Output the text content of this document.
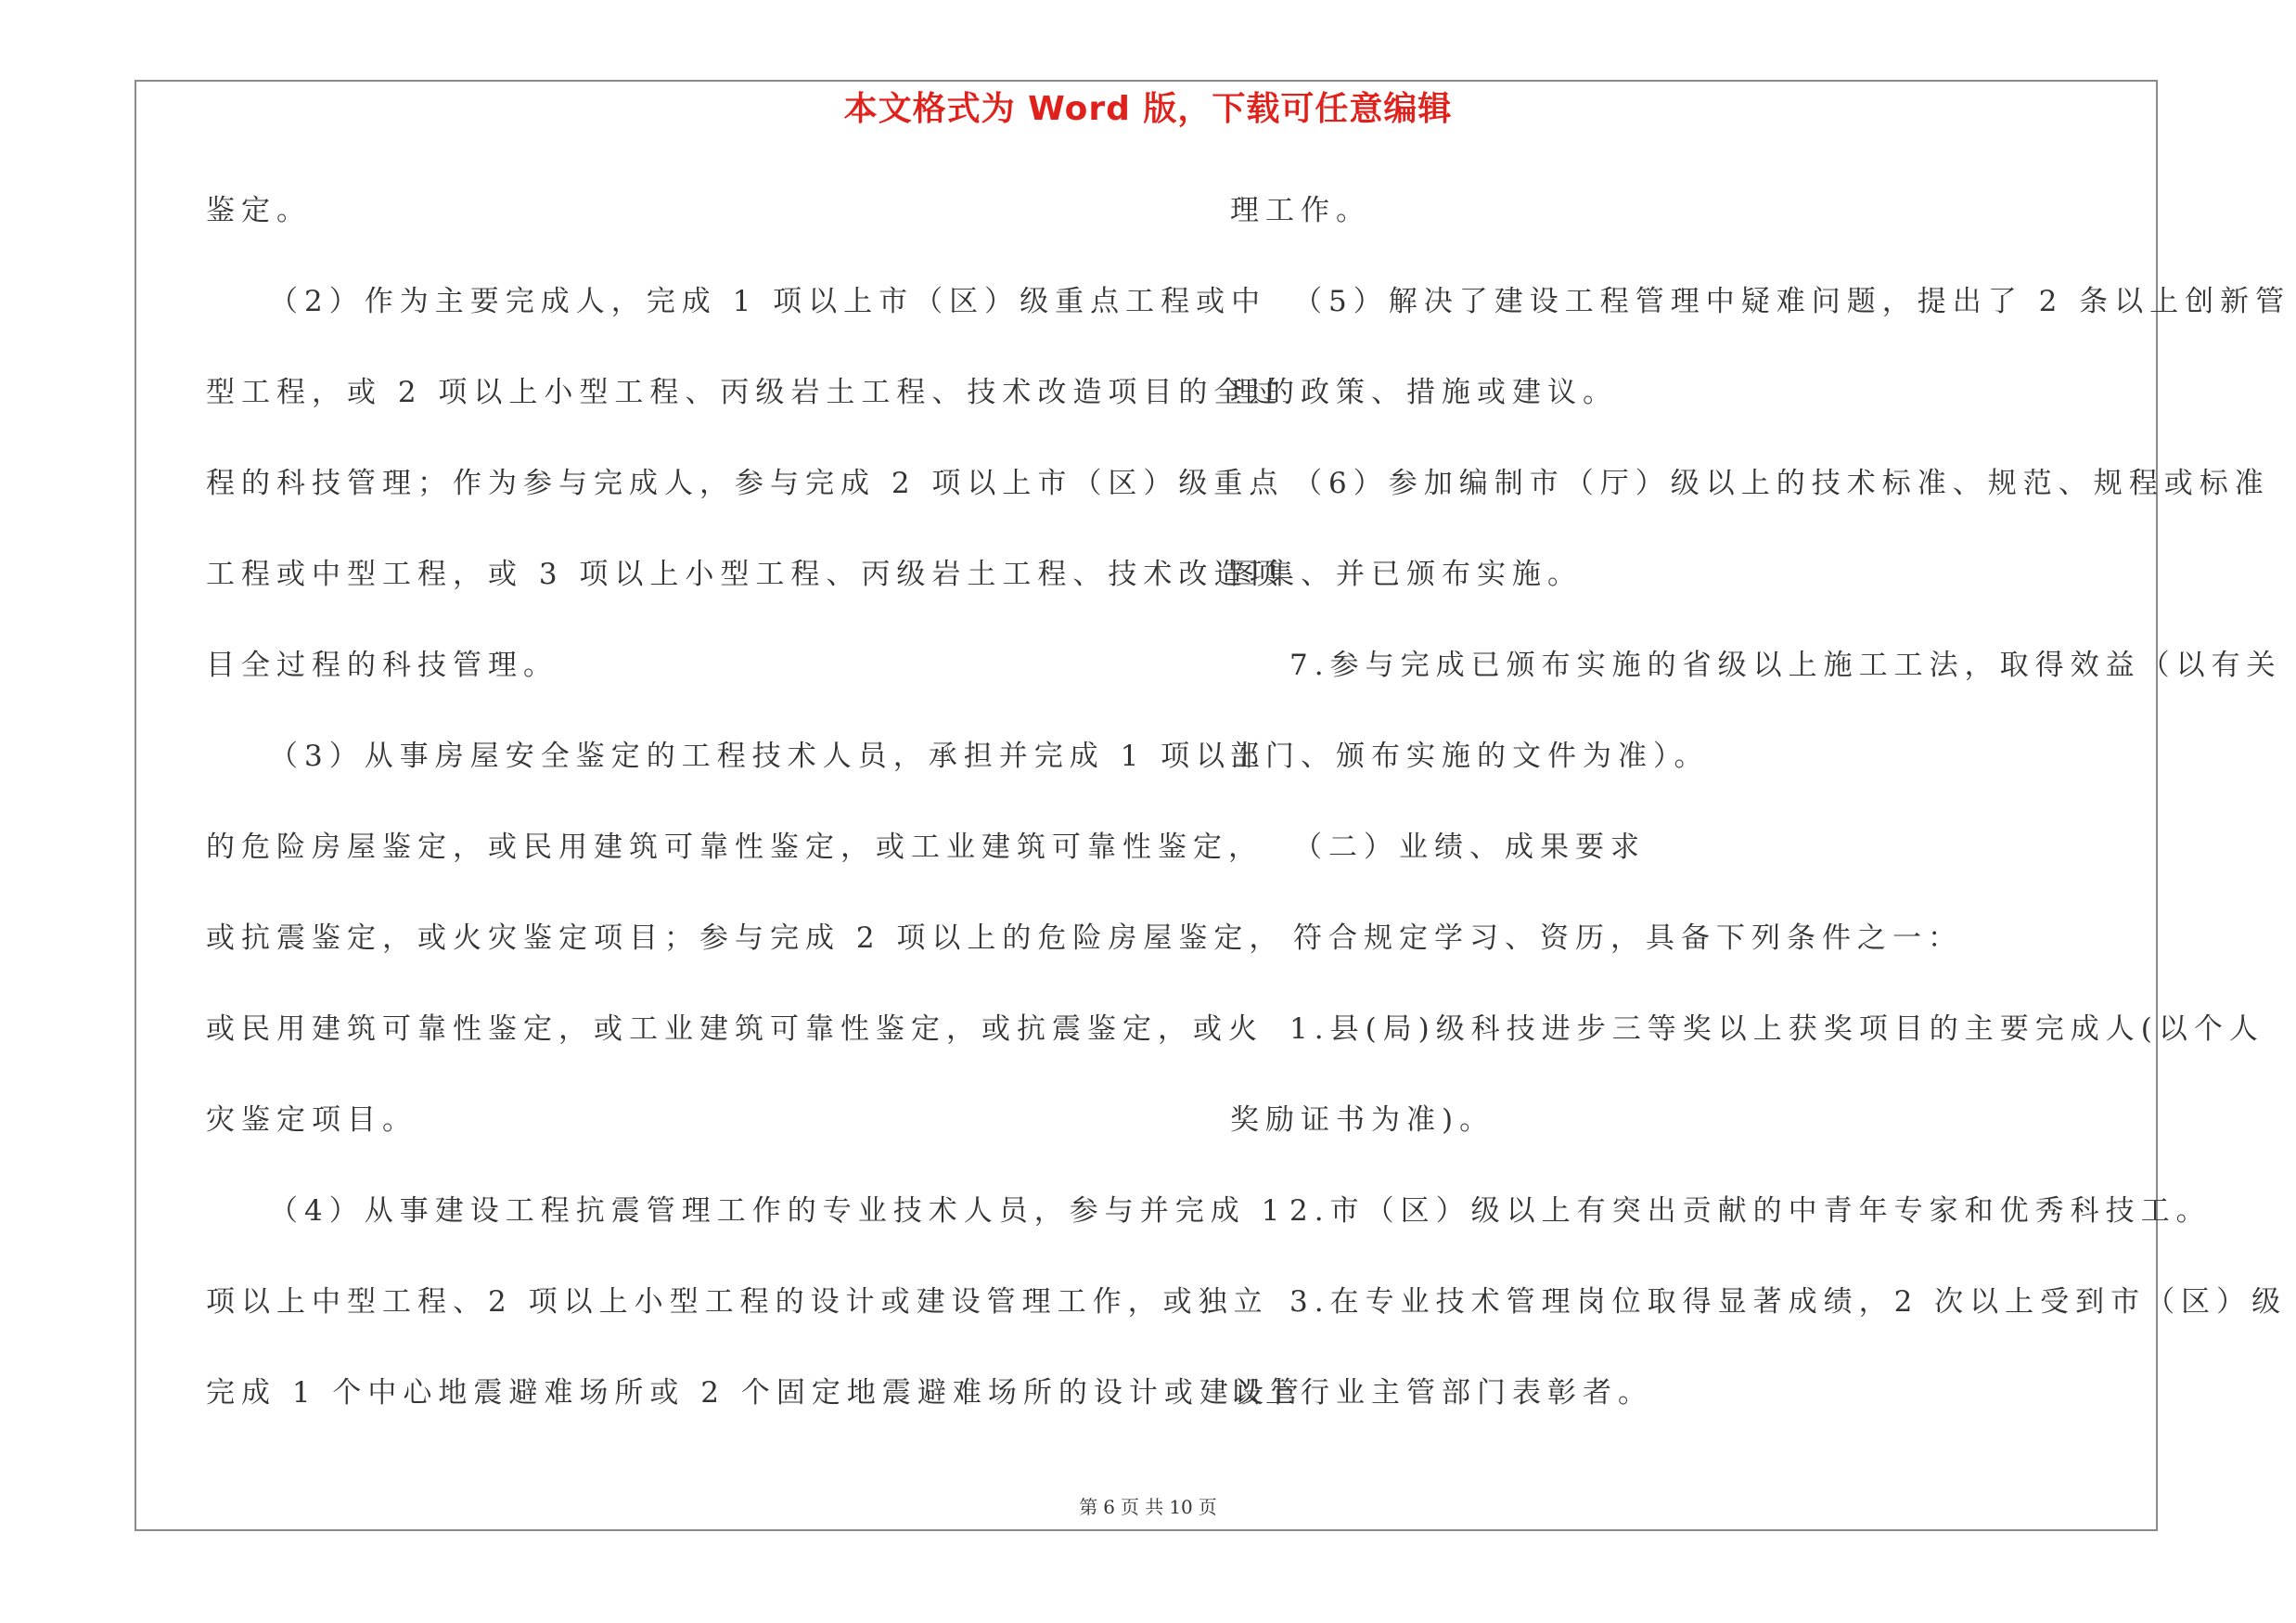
本文格式为 Word 版，下载可任意编辑
鉴定。
（2）作为主要完成人，完成 1 项以上市（区）级重点工程或中
型工程，或 2 项以上小型工程、丙级岩土工程、技术改造项目的全过
程的科技管理；作为参与完成人，参与完成 2 项以上市（区）级重点
工程或中型工程，或 3 项以上小型工程、丙级岩土工程、技术改造项
目全过程的科技管理。
（3）从事房屋安全鉴定的工程技术人员，承担并完成 1 项以上
的危险房屋鉴定，或民用建筑可靠性鉴定，或工业建筑可靠性鉴定，
或抗震鉴定，或火灾鉴定项目；参与完成 2 项以上的危险房屋鉴定，
或民用建筑可靠性鉴定，或工业建筑可靠性鉴定，或抗震鉴定，或火
灾鉴定项目。
（4）从事建设工程抗震管理工作的专业技术人员，参与并完成 1
项以上中型工程、2 项以上小型工程的设计或建设管理工作，或独立
完成 1 个中心地震避难场所或 2 个固定地震避难场所的设计或建设管
理工作。
（5）解决了建设工程管理中疑难问题，提出了 2 条以上创新管
理的政策、措施或建议。
（6）参加编制市（厅）级以上的技术标准、规范、规程或标准
图集、并已颁布实施。
7.参与完成已颁布实施的省级以上施工工法，取得效益（以有关
部门、颁布实施的文件为准）。
（二）业绩、成果要求
符合规定学习、资历，具备下列条件之一：
1.县(局)级科技进步三等奖以上获奖项目的主要完成人(以个人
奖励证书为准)。
2.市（区）级以上有突出贡献的中青年专家和优秀科技工。
3.在专业技术管理岗位取得显著成绩，2 次以上受到市（区）级
以上行业主管部门表彰者。
第 6 页 共 10 页
